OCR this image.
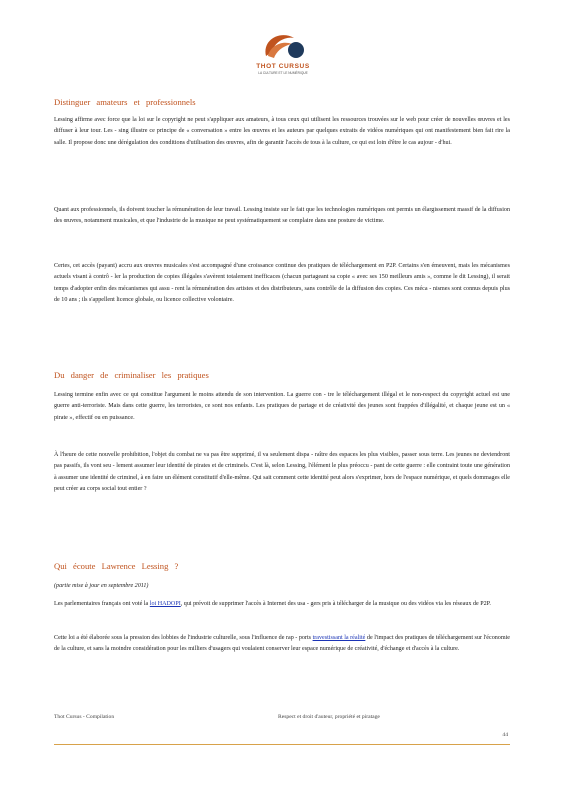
THOT CURSUS
LA CULTURE ET LE NUMÉRIQUE
Distinguer amateurs et professionnels

Lessing affirme avec force que la loi sur le copyright ne peut s'appliquer aux amateurs, à tous ceux qui utilisent les ressources trouvées sur le web pour créer de nouvelles œuvres et les diffuser à leur tour. Les - sing illustre ce principe de « conversation » entre les œuvres et les auteurs par quelques extraits de vidéos numériques qui ont manifestement bien fait rire la salle. Il propose donc une dérégulation des conditions d'utilisation des œuvres, afin de garantir l'accès de tous à la culture, ce qui est loin d'être le cas aujour - d'hui.

Quant aux professionnels, ils doivent toucher la rémunération de leur travail. Lessing insiste sur le fait que les technologies numériques ont permis un élargissement massif de la diffusion des œuvres, notamment musicales, et que l'industrie de la musique ne peut systématiquement se complaire dans une posture de victime.

Certes, cet accès (payant) accru aux œuvres musicales s'est accompagné d'une croissance continue des pratiques de téléchargement en P2P. Certains s'en émeuvent, mais les mécanismes actuels visant à contrô - ler la production de copies illégales s'avèrent totalement inefficaces (chacun partageant sa copie « avec ses 150 meilleurs amis », comme le dit Lessing), il serait temps d'adopter enfin des mécanismes qui assu - rent la rémunération des artistes et des distributeurs, sans contrôle de la diffusion des copies. Ces méca - nismes sont connus depuis plus de 10 ans ; ils s'appellent licence globale, ou licence collective volontaire.

Du danger de criminaliser les pratiques

Lessing termine enfin avec ce qui constitue l'argument le moins attendu de son intervention. La guerre con - tre le téléchargement illégal et le non-respect du copyright actuel est une guerre anti-terroriste. Mais dans cette guerre, les terroristes, ce sont nos enfants. Les pratiques de partage et de créativité des jeunes sont frappées d'illégalité, et chaque jeune est un « pirate », effectif ou en puissance.

À l'heure de cette nouvelle prohibition, l'objet du combat ne va pas être supprimé, il va seulement dispa - raître des espaces les plus visibles, passer sous terre. Les jeunes ne deviendront pas passifs, ils vont seu - lement assumer leur identité de pirates et de criminels. C'est là, selon Lessing, l'élément le plus préoccu - pant de cette guerre : elle contraint toute une génération à assumer une identité de criminel, à en faire un élément constitutif d'elle-même. Qui sait comment cette identité peut alors s'exprimer, hors de l'espace numérique, et quels dommages elle peut créer au corps social tout entier ?

Qui écoute Lawrence Lessing ?

(partie mise à jour en septembre 2011)

Les parlementaires français ont voté la loi HADOPI, qui prévoit de supprimer l'accès à Internet des usa - gers pris à télécharger de la musique ou des vidéos via les réseaux de P2P.

Cette loi a été élaborée sous la pression des lobbies de l'industrie culturelle, sous l'influence de rap - ports travestissant la réalité de l'impact des pratiques de téléchargement sur l'économie de la culture, et sans la moindre considération pour les milliers d'usagers qui voulaient conserver leur espace numérique de créativité, d'échange et d'accès à la culture.

Thot Cursus - Compilation	Respect et droit d'auteur, propriété et piratage
44
